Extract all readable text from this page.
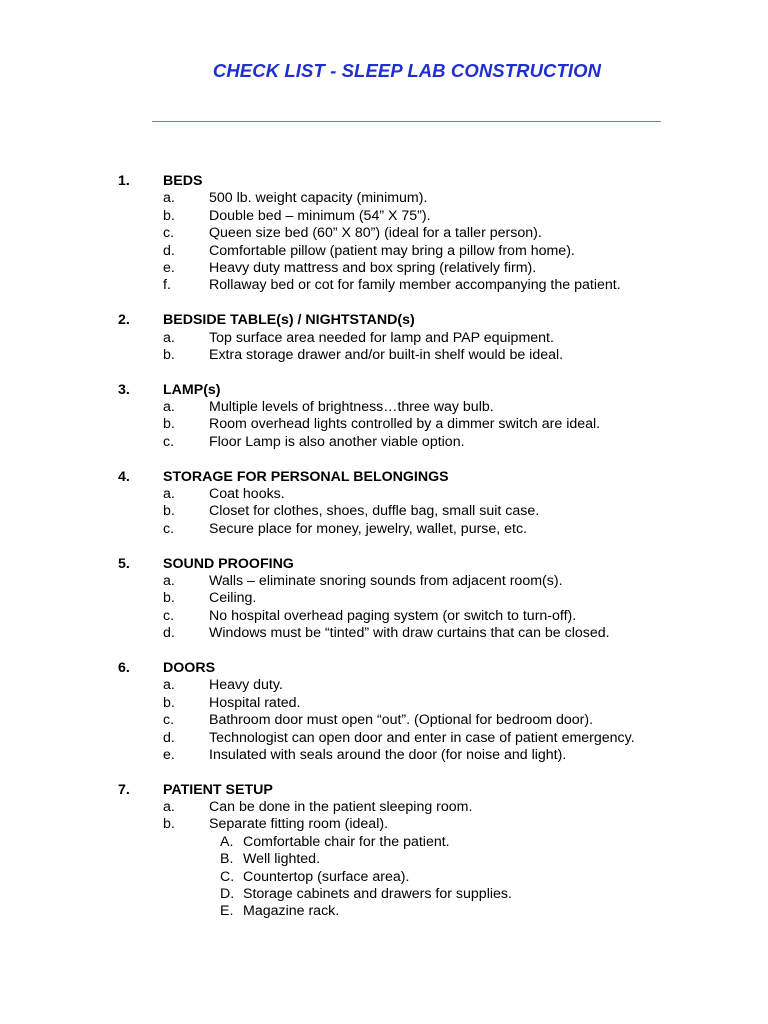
CHECK LIST - SLEEP LAB CONSTRUCTION
1. BEDS
a. 500 lb. weight capacity (minimum).
b. Double bed – minimum (54” X 75”).
c. Queen size bed (60” X 80”) (ideal for a taller person).
d. Comfortable pillow (patient may bring a pillow from home).
e. Heavy duty mattress and box spring (relatively firm).
f.	Rollaway bed or cot for family member accompanying the patient.
2. BEDSIDE TABLE(s) / NIGHTSTAND(s)
a. Top surface area needed for lamp and PAP equipment.
b. Extra storage drawer and/or built-in shelf would be ideal.
3. LAMP(s)
a. Multiple levels of brightness…three way bulb.
b. Room overhead lights controlled by a dimmer switch are ideal.
c. Floor Lamp is also another viable option.
4. STORAGE FOR PERSONAL BELONGINGS
a. Coat hooks.
b. Closet for clothes, shoes, duffle bag, small suit case.
c. Secure place for money, jewelry, wallet, purse, etc.
5. SOUND PROOFING
a. Walls – eliminate snoring sounds from adjacent room(s).
b. Ceiling.
c. No hospital overhead paging system (or switch to turn-off).
d. Windows must be “tinted” with draw curtains that can be closed.
6. DOORS
a. Heavy duty.
b. Hospital rated.
c. Bathroom door must open “out”. (Optional for bedroom door).
d. Technologist can open door and enter in case of patient emergency.
e. Insulated with seals around the door (for noise and light).
7. PATIENT SETUP
a. Can be done in the patient sleeping room.
b. Separate fitting room (ideal).
A. Comfortable chair for the patient.
B. Well lighted.
C. Countertop (surface area).
D. Storage cabinets and drawers for supplies.
E. Magazine rack.
